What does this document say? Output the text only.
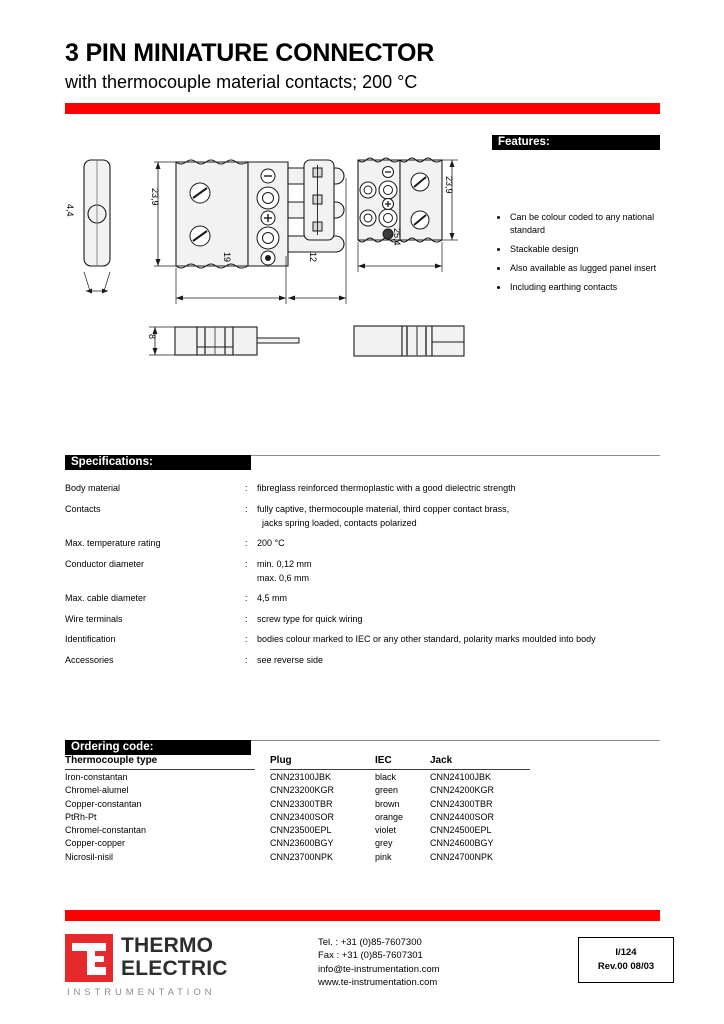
3 PIN MINIATURE CONNECTOR
with thermocouple material contacts; 200 °C
Features:
• Can be colour coded to any national standard
• Stackable design
• Also available as lugged panel insert
• Including earthing contacts
4,4
23,9
19	12
23,9
25,4
8
Specifications:
Body material	:	fibreglass reinforced thermoplastic with a good dielectric strength
Contacts	:	fully captive, thermocouple material, third copper contact brass,
jacks spring loaded, contacts polarized
Max. temperature rating	:	200 °C
Conductor diameter	:	min. 0,12 mm
max. 0,6 mm
Max. cable diameter	:	4,5 mm
Wire terminals	:	screw type for quick wiring
Identification	:	bodies colour marked to IEC or any other standard, polarity marks moulded into body
Accessories	:	see reverse side
Ordering code:
Thermocouple type	Plug	IEC	Jack
Iron-constantan	CNN23100JBK	black	CNN24100JBK
Chromel-alumel	CNN23200KGR	green	CNN24200KGR
Copper-constantan	CNN23300TBR	brown	CNN24300TBR
PtRh-Pt	CNN23400SOR	orange	CNN24400SOR
Chromel-constantan	CNN23500EPL	violet	CNN24500EPL
Copper-copper	CNN23600BGY	grey	CNN24600BGY
Nicrosil-nisil	CNN23700NPK	pink	CNN24700NPK
THERMO
ELECTRIC
INSTRUMENTATION
Tel. : +31 (0)85-7607300
Fax : +31 (0)85-7607301
info@te-instrumentation.com
www.te-instrumentation.com
I/124
Rev.00 08/03
